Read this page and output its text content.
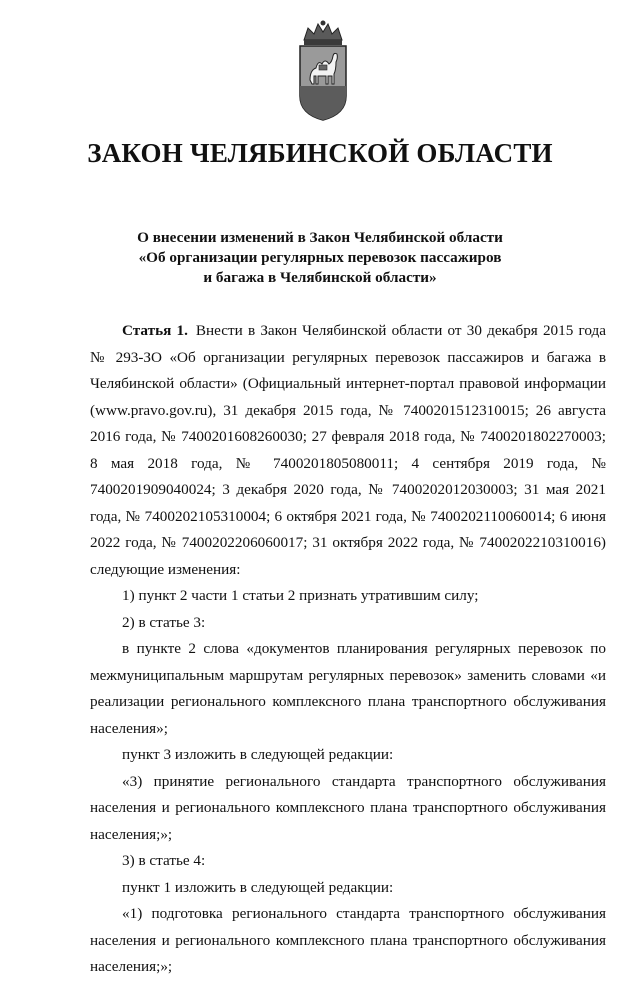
ЗАКОН ЧЕЛЯБИНСКОЙ ОБЛАСТИ
О внесении изменений в Закон Челябинской области
«Об организации регулярных перевозок пассажиров
и багажа в Челябинской области»

Статья 1. Внести в Закон Челябинской области от 30 декабря 2015 года № 293-ЗО «Об организации регулярных перевозок пассажиров и багажа в Челябинской области» (Официальный интернет-портал правовой информации (www.pravo.gov.ru), 31 декабря 2015 года, № 7400201512310015; 26 августа 2016 года, № 7400201608260030; 27 февраля 2018 года, № 7400201802270003; 8 мая 2018 года, № 7400201805080011; 4 сентября 2019 года, № 7400201909040024; 3 декабря 2020 года, № 7400202012030003; 31 мая 2021 года, № 7400202105310004; 6 октября 2021 года, № 7400202110060014; 6 июня 2022 года, № 7400202206060017; 31 октября 2022 года, № 7400202210310016) следующие изменения:

1) пункт 2 части 1 статьи 2 признать утратившим силу;

2) в статье 3:

в пункте 2 слова «документов планирования регулярных перевозок по межмуниципальным маршрутам регулярных перевозок» заменить словами «и реализации регионального комплексного плана транспортного обслуживания населения»;

пункт 3 изложить в следующей редакции:

«3) принятие регионального стандарта транспортного обслуживания населения и регионального комплексного плана транспортного обслуживания населения;»;

3) в статье 4:

пункт 1 изложить в следующей редакции:

«1) подготовка регионального стандарта транспортного обслуживания населения и регионального комплексного плана транспортного обслуживания населения;»;
